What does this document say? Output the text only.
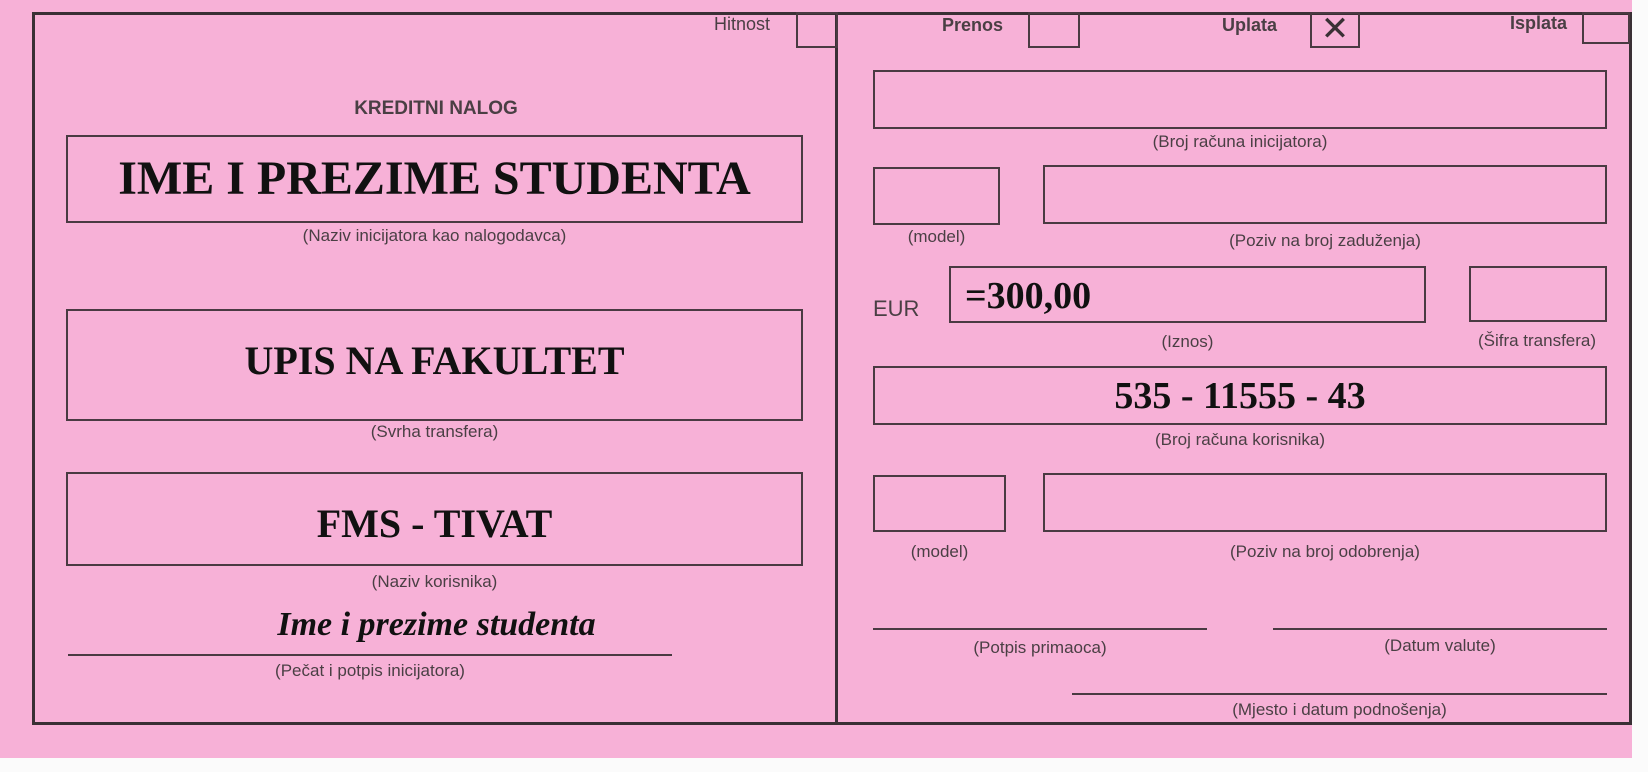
Hitnost	Prenos	Uplata	✕	Isplata
KREDITNI NALOG
IME I PREZIME STUDENTA
(Naziv inicijatora kao nalogodavca)
UPIS NA FAKULTET
(Svrha transfera)
FMS - TIVAT
(Naziv korisnika)
Ime i prezime studenta
(Pečat i potpis inicijatora)
(Broj računa inicijatora)
(model)	(Poziv na broj zaduženja)
EUR =300,00
(Iznos)	(Šifra transfera)
535 - 11555 - 43
(Broj računa korisnika)
(model)	(Poziv na broj odobrenja)
(Potpis primaoca)	(Datum valute)
(Mjesto i datum podnošenja)
